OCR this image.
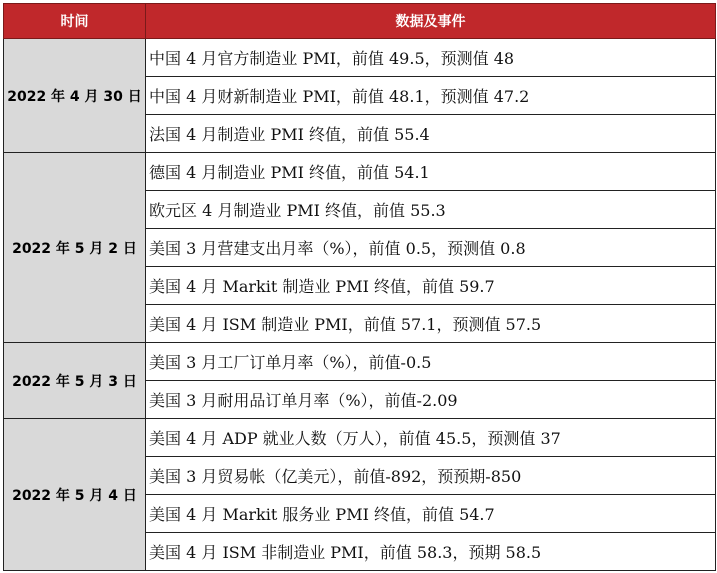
时间	数据及事件
2022 年 4 月 30 日	中国 4 月官方制造业 PMI，前值 49.5，预测值 48
	中国 4 月财新制造业 PMI，前值 48.1，预测值 47.2
	法国 4 月制造业 PMI 终值，前值 55.4
2022 年 5 月 2 日	德国 4 月制造业 PMI 终值，前值 54.1
	欧元区 4 月制造业 PMI 终值，前值 55.3
	美国 3 月营建支出月率（%），前值 0.5，预测值 0.8
	美国 4 月 Markit 制造业 PMI 终值，前值 59.7
	美国 4 月 ISM 制造业 PMI，前值 57.1，预测值 57.5
2022 年 5 月 3 日	美国 3 月工厂订单月率（%），前值-0.5
	美国 3 月耐用品订单月率（%），前值-2.09
2022 年 5 月 4 日	美国 4 月 ADP 就业人数（万人），前值 45.5，预测值 37
	美国 3 月贸易帐（亿美元），前值-892，预预期-850
	美国 4 月 Markit 服务业 PMI 终值，前值 54.7
	美国 4 月 ISM 非制造业 PMI，前值 58.3，预期 58.5
